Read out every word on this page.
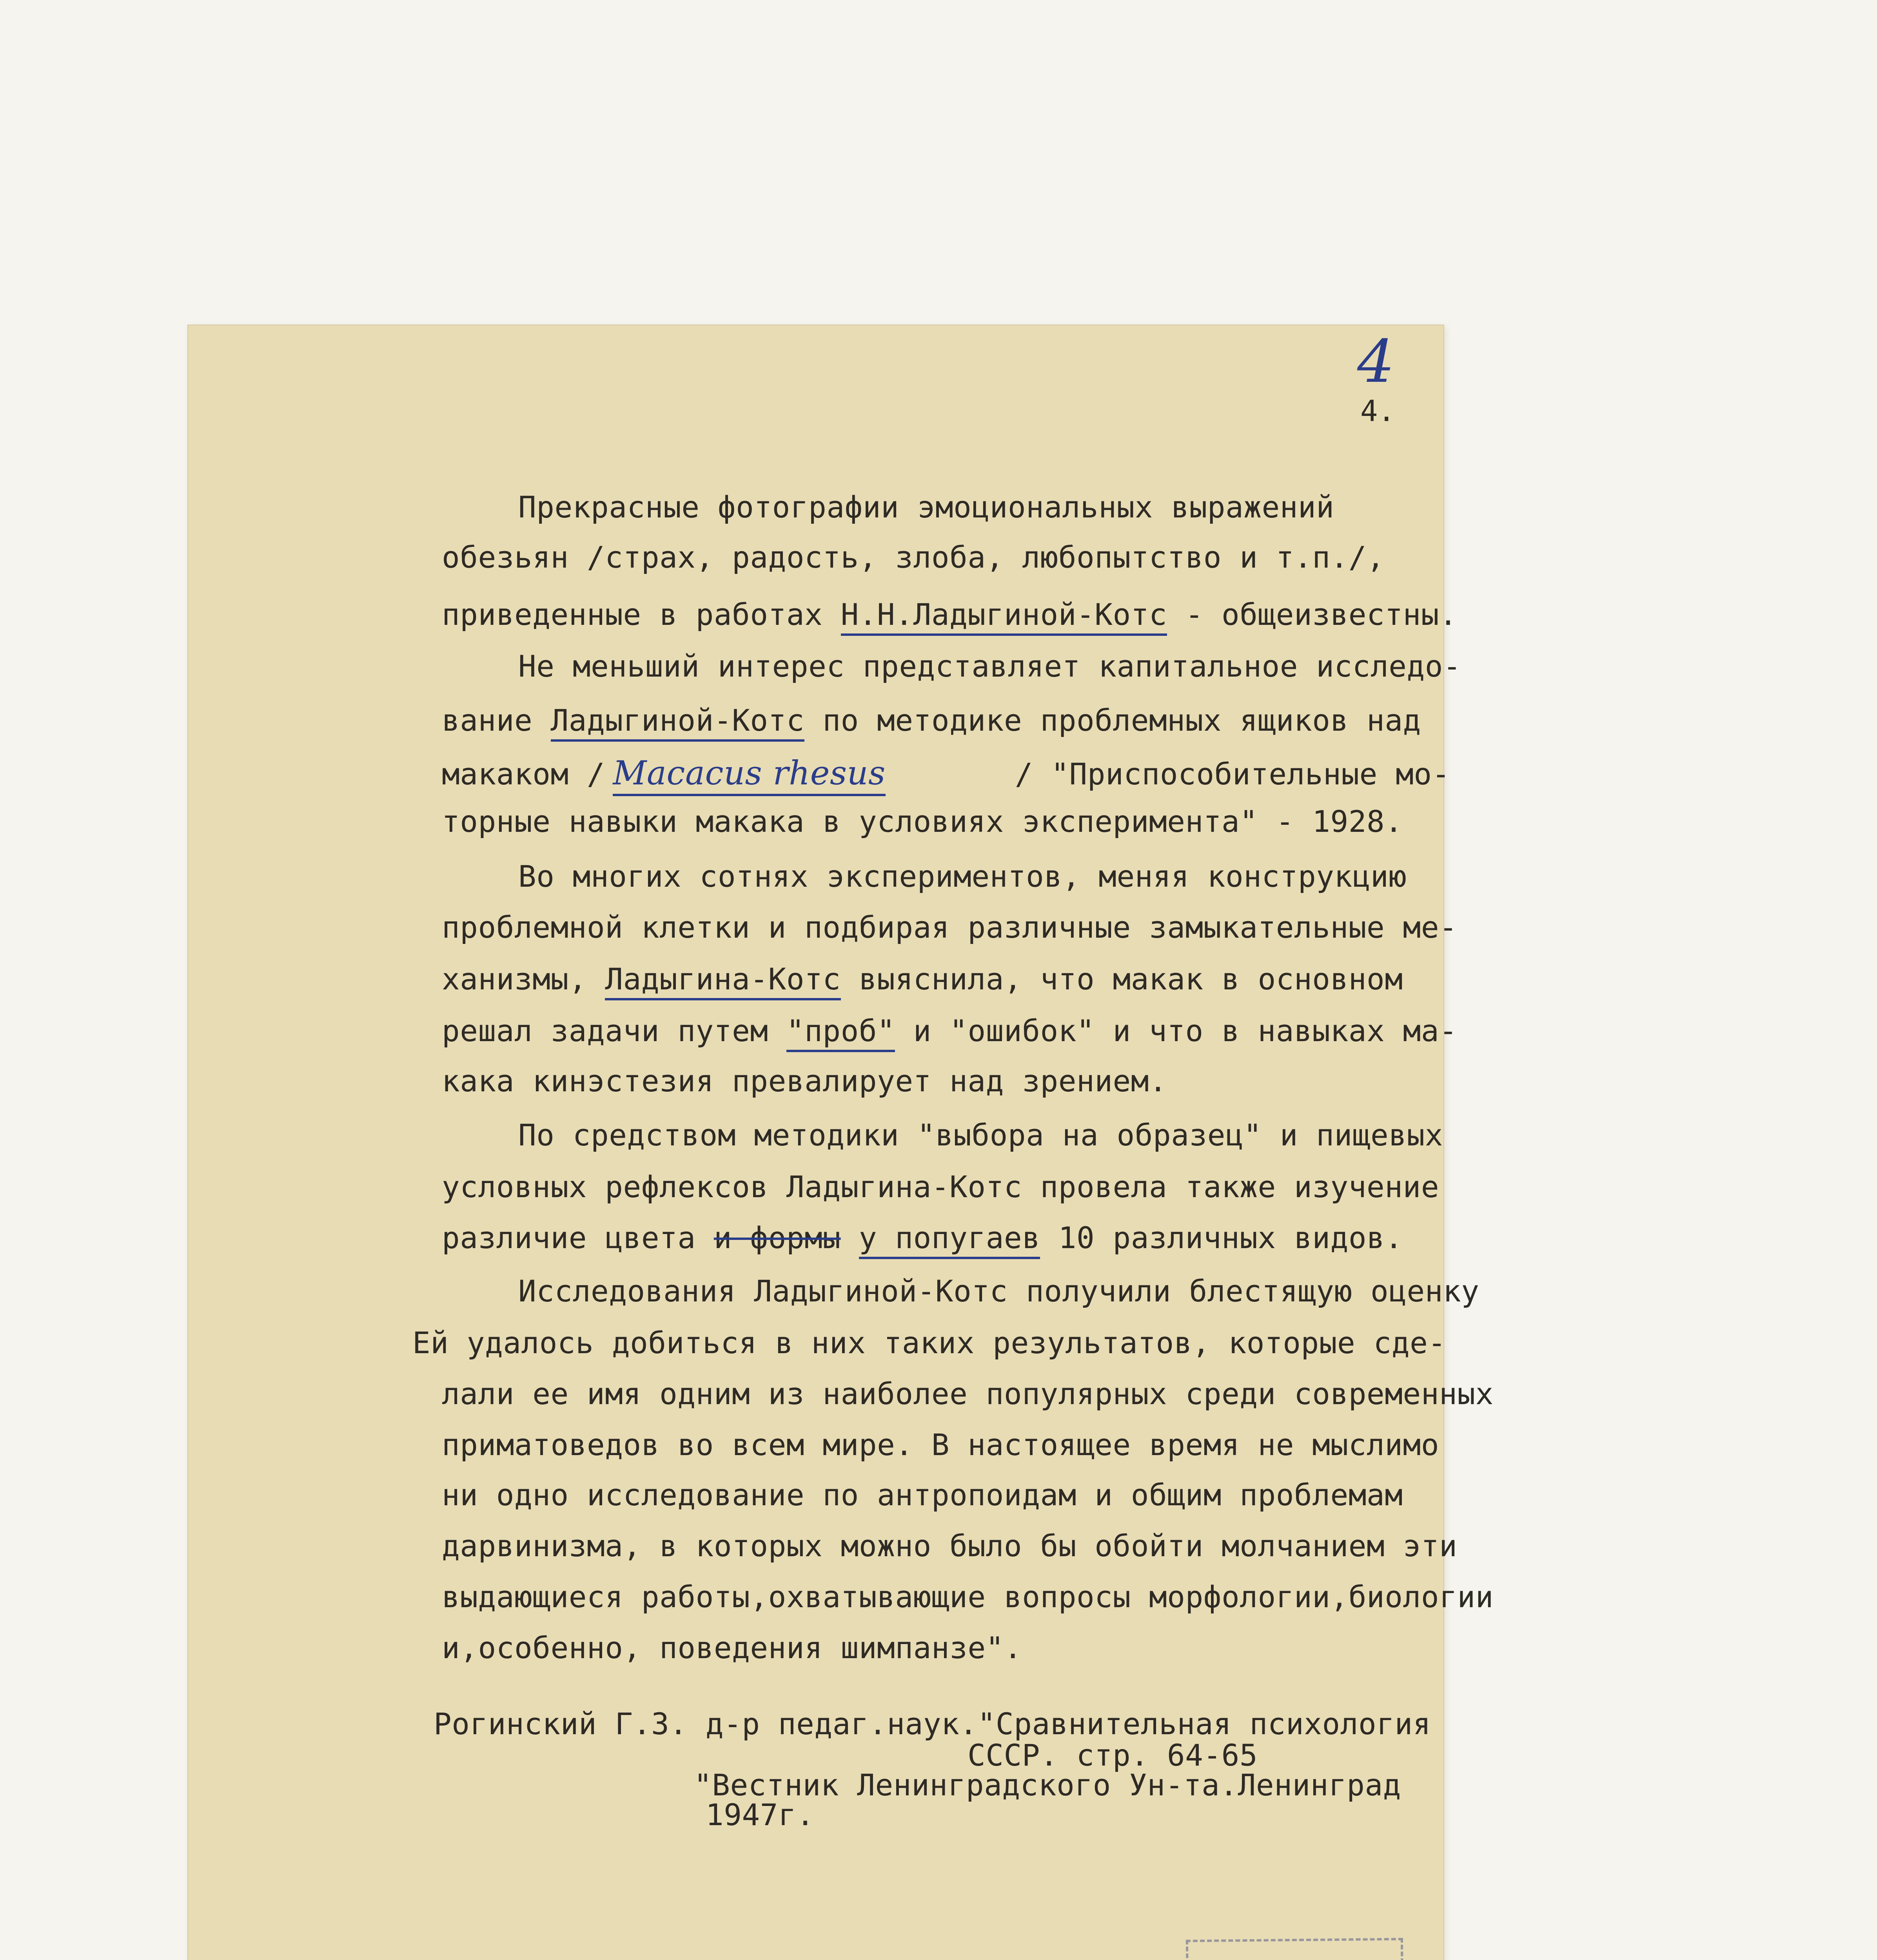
4
4.
Прекрасные фотографии эмоциональных выражений
обезьян /страх, радость, злоба, любопытство и т.п./,
приведенные в работах Н.Н.Ладыгиной-Котс - общеизвестны.
Не меньший интерес представляет капитальное исследо-
вание Ладыгиной-Котс по методике проблемных ящиков над
макаком / Macacus rhesus	/ "Приспособительные мо-
торные навыки макака в условиях эксперимента" - 1928.
Во многих сотнях экспериментов, меняя конструкцию
проблемной клетки и подбирая различные замыкательные ме-
ханизмы, Ладыгина-Котс выяснила, что макак в основном
решал задачи путем "проб" и "ошибок" и что в навыках ма-
кака кинэстезия превалирует над зрением.
По средством методики "выбора на образец" и пищевых
условных рефлексов Ладыгина-Котс провела также изучение
различие цвета и формы у попугаев 10 различных видов.
Исследования Ладыгиной-Котс получили блестящую оценку
Ей удалось добиться в них таких результатов, которые сде-
лали ее имя одним из наиболее популярных среди современных
приматоведов во всем мире. В настоящее время не мыслимо
ни одно исследование по антропоидам и общим проблемам
дарвинизма, в которых можно было бы обойти молчанием эти
выдающиеся работы,охватывающие вопросы морфологии,биологии
и,особенно, поведения шимпанзе".
Рогинский Г.З. д-р педаг.наук."Сравнительная психология
СССР. стр. 64-65
"Вестник Ленинградского Ун-та.Ленинград
1947г.
